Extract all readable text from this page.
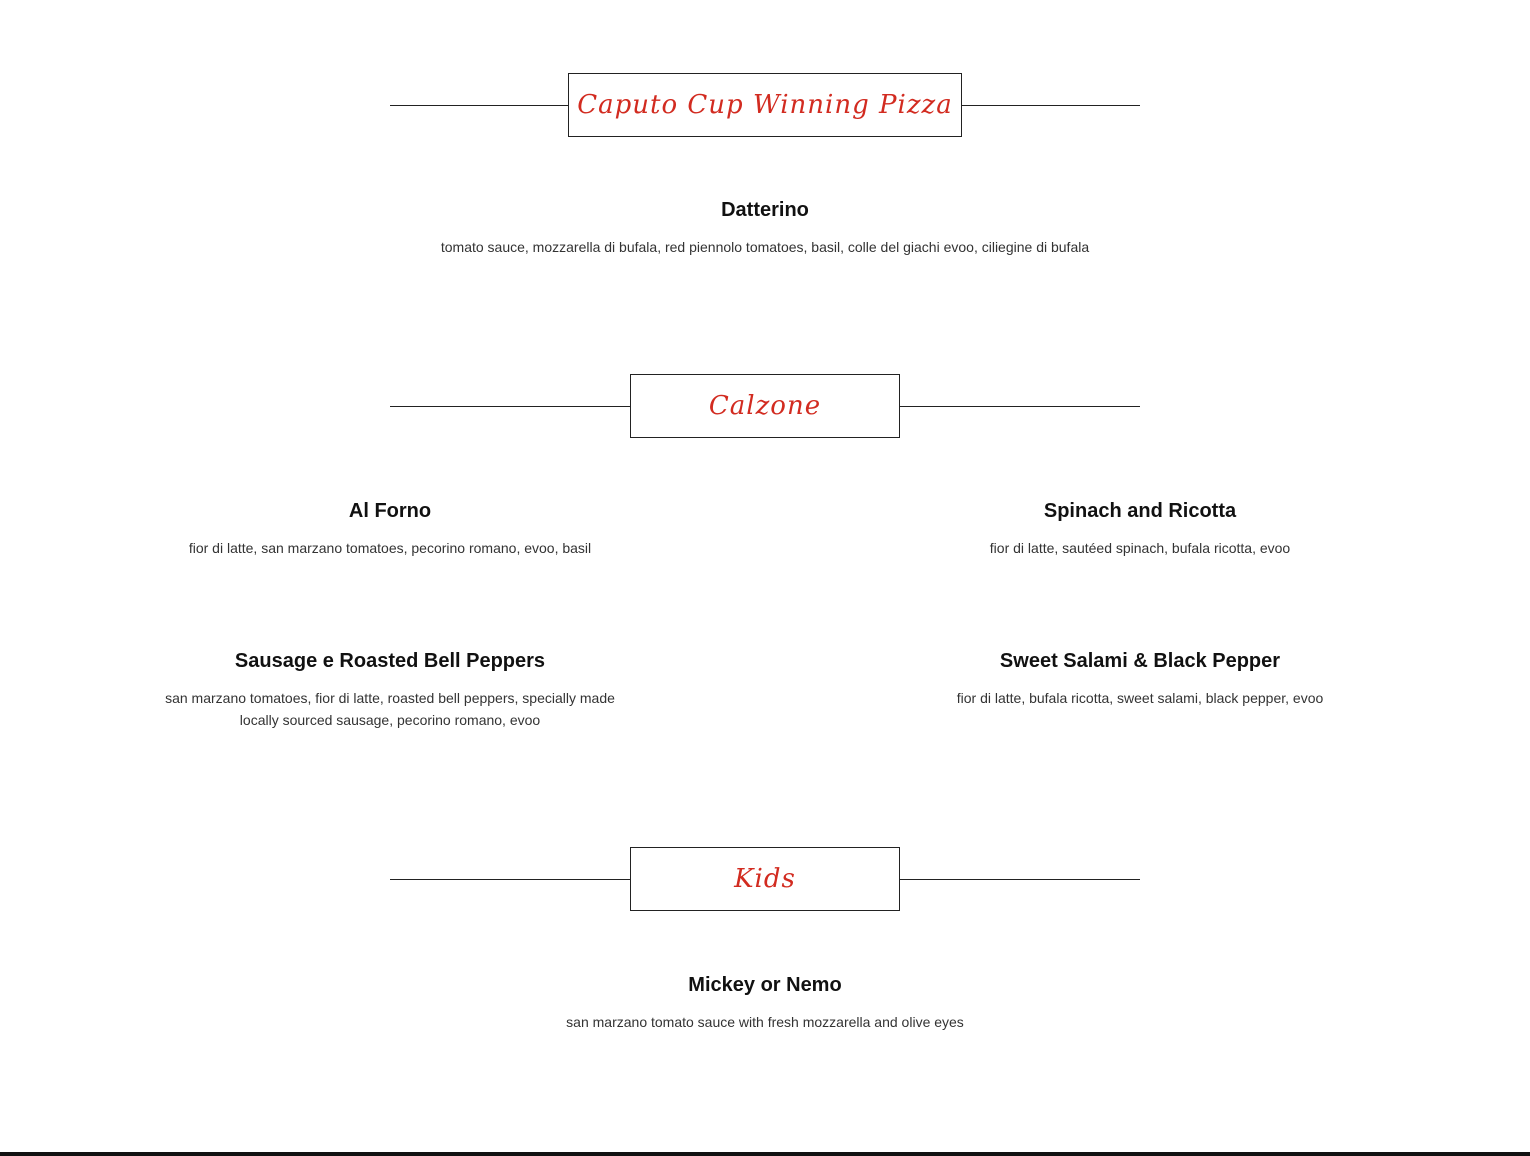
Caputo Cup Winning Pizza
Datterino

tomato sauce, mozzarella di bufala, red piennolo tomatoes, basil, colle del giachi evoo, ciliegine di bufala

Calzone
Al Forno

fior di latte, san marzano tomatoes, pecorino romano, evoo, basil

Spinach and Ricotta

fior di latte, sautéed spinach, bufala ricotta, evoo

Sausage e Roasted Bell Peppers

san marzano tomatoes, fior di latte, roasted bell peppers, specially made locally sourced sausage, pecorino romano, evoo

Sweet Salami & Black Pepper

fior di latte, bufala ricotta, sweet salami, black pepper, evoo

Kids
Mickey or Nemo

san marzano tomato sauce with fresh mozzarella and olive eyes
